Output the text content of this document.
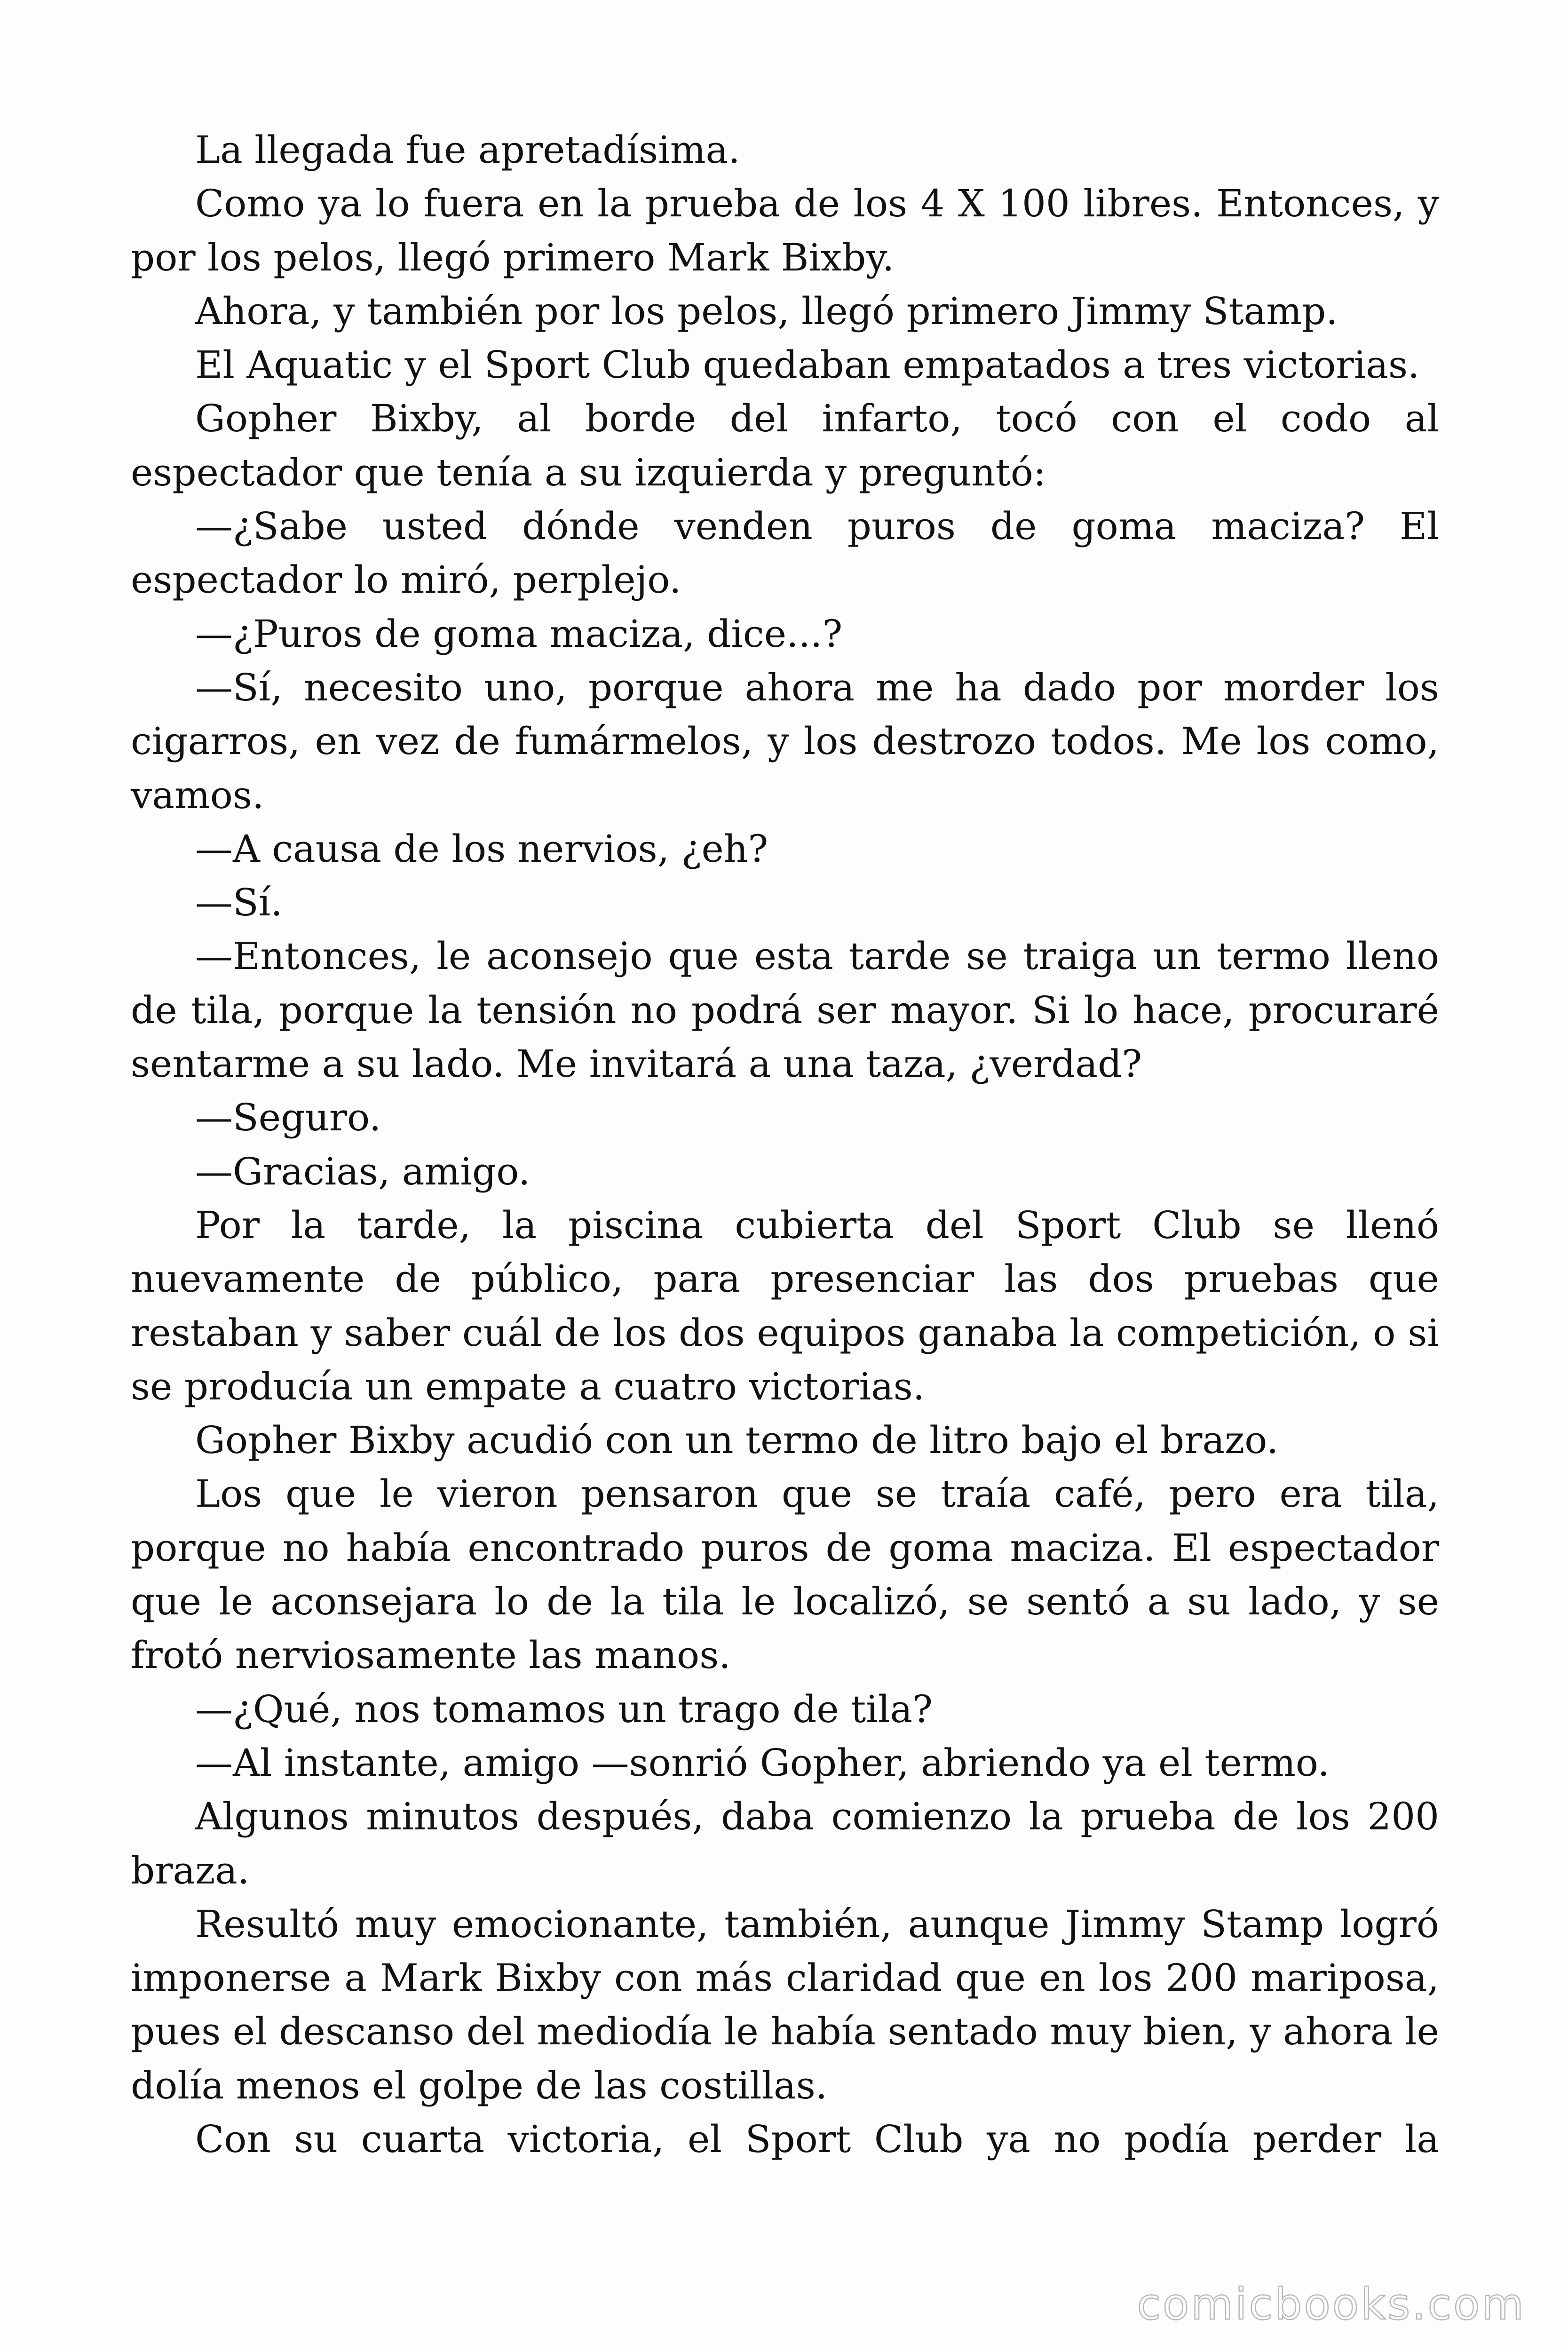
La llegada fue apretadísima.

Como ya lo fuera en la prueba de los 4 X 100 libres. Entonces, y por los pelos, llegó primero Mark Bixby.

Ahora, y también por los pelos, llegó primero Jimmy Stamp.

El Aquatic y el Sport Club quedaban empatados a tres victorias.

Gopher Bixby, al borde del infarto, tocó con el codo al espectador que tenía a su izquierda y preguntó:

—¿Sabe usted dónde venden puros de goma maciza? El espectador lo miró, perplejo.

—¿Puros de goma maciza, dice...?

—Sí, necesito uno, porque ahora me ha dado por morder los cigarros, en vez de fumármelos, y los destrozo todos. Me los como, vamos.

—A causa de los nervios, ¿eh?

—Sí.

—Entonces, le aconsejo que esta tarde se traiga un termo lleno de tila, porque la tensión no podrá ser mayor. Si lo hace, procuraré sentarme a su lado. Me invitará a una taza, ¿verdad?

—Seguro.

—Gracias, amigo.

Por la tarde, la piscina cubierta del Sport Club se llenó nuevamente de público, para presenciar las dos pruebas que restaban y saber cuál de los dos equipos ganaba la competición, o si se producía un empate a cuatro victorias.

Gopher Bixby acudió con un termo de litro bajo el brazo.

Los que le vieron pensaron que se traía café, pero era tila, porque no había encontrado puros de goma maciza. El espectador que le aconsejara lo de la tila le localizó, se sentó a su lado, y se frotó nerviosamente las manos.

—¿Qué, nos tomamos un trago de tila?

—Al instante, amigo —sonrió Gopher, abriendo ya el termo.

Algunos minutos después, daba comienzo la prueba de los 200 braza.

Resultó muy emocionante, también, aunque Jimmy Stamp logró imponerse a Mark Bixby con más claridad que en los 200 mariposa, pues el descanso del mediodía le había sentado muy bien, y ahora le dolía menos el golpe de las costillas.

Con su cuarta victoria, el Sport Club ya no podía perder la

comicbooks.com
